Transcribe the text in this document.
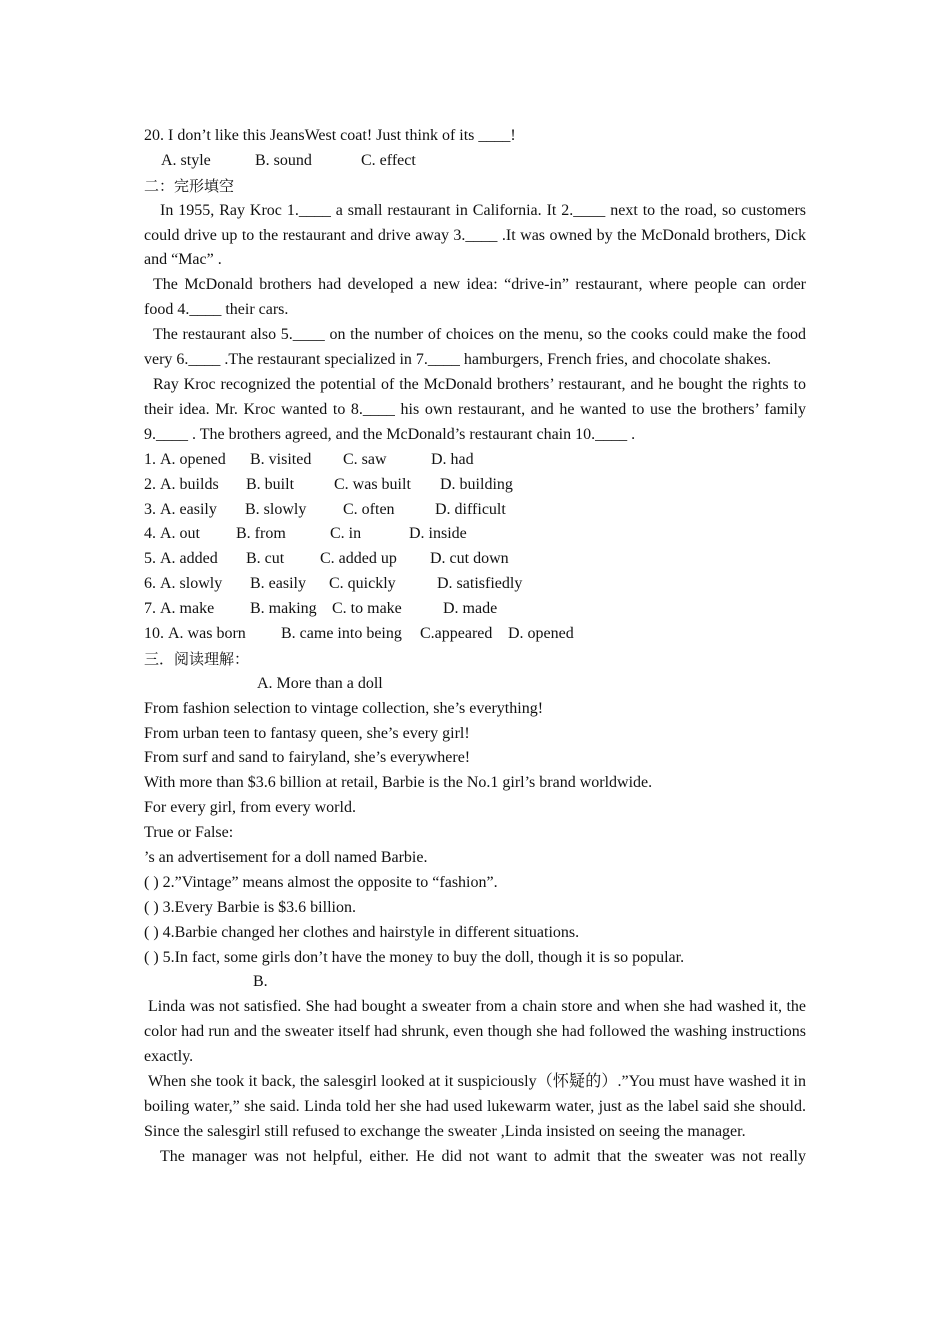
20. I don’t like this JeansWest coat! Just think of its ____!
A. style	B. sound	C. effect
二：完形填空

In 1955, Ray Kroc 1.____ a small restaurant in California. It 2.____ next to the road, so customers could drive up to the restaurant and drive away 3.____ .It was owned by the McDonald brothers, Dick and “Mac” .

The McDonald brothers had developed a new idea: “drive-in” restaurant, where people can order food 4.____ their cars.

The restaurant also 5.____ on the number of choices on the menu, so the cooks could make the food very 6.____ .The restaurant specialized in 7.____ hamburgers, French fries, and chocolate shakes.

Ray Kroc recognized the potential of the McDonald brothers’ restaurant, and he bought the rights to their idea. Mr. Kroc wanted to 8.____ his own restaurant, and he wanted to use the brothers’ family 9.____ . The brothers agreed, and the McDonald’s restaurant chain 10.____ .

1. A. opened B. visited C. saw	D. had
2. A. builds B. built C. was built D. building
3. A. easily B. slowly C. often	D. difficult
4. A. out B. from	C. in	D. inside
5. A. added B. cut C. added up D. cut down
6. A. slowly B. easily C. quickly	D. satisfiedly
7. A. make B. making C. to make	D. made
10. A. was born B. came into being C.appeared D. opened
三．阅读理解：
A. More than a doll
From fashion selection to vintage collection, she’s everything!
From urban teen to fantasy queen, she’s every girl!
From surf and sand to fairyland, she’s everywhere!
With more than $3.6 billion at retail, Barbie is the No.1 girl’s brand worldwide.
For every girl, from every world.
True or False:
’s an advertisement for a doll named Barbie.
( ) 2.”Vintage” means almost the opposite to “fashion”.
( ) 3.Every Barbie is $3.6 billion.
( ) 4.Barbie changed her clothes and hairstyle in different situations.
( ) 5.In fact, some girls don’t have the money to buy the doll, though it is so popular.
B.

Linda was not satisfied. She had bought a sweater from a chain store and when she had washed it, the color had run and the sweater itself had shrunk, even though she had followed the washing instructions exactly.

When she took it back, the salesgirl looked at it suspiciously（怀疑的）.”You must have washed it in boiling water,” she said. Linda told her she had used lukewarm water, just as the label said she should. Since the salesgirl still refused to exchange the sweater ,Linda insisted on seeing the manager.

The manager was not helpful, either. He did not want to admit that the sweater was not really
